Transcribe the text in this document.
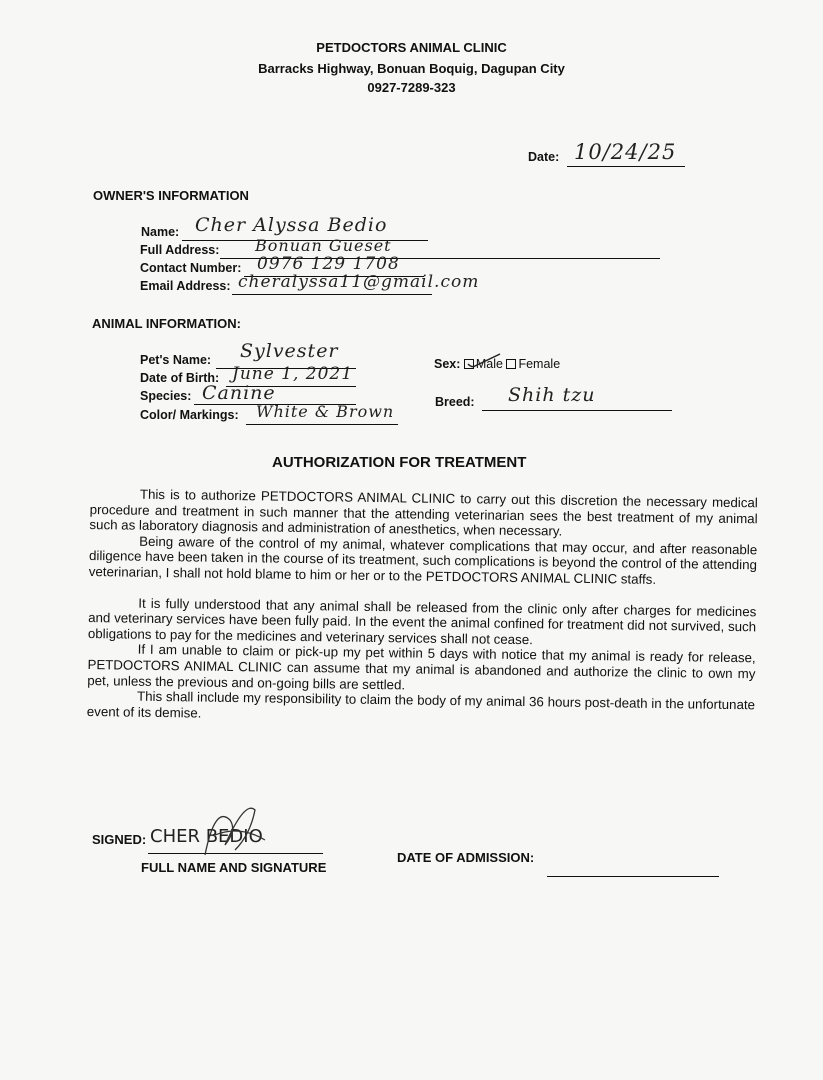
PETDOCTORS ANIMAL CLINIC
Barracks Highway, Bonuan Boquig, Dagupan City
0927-7289-323
Date: 10/24/25
OWNER'S INFORMATION
Name: Cher Alyssa Bedio
Full Address: Bonuan Gueset
Contact Number: 0976 129 1708
Email Address: cheralyssa11@gmail.com
ANIMAL INFORMATION:
Pet's Name: Sylvester
Date of Birth: June 1, 2021
Species: Canine
Color/ Markings: White & Brown
Sex: Male Female
Breed: Shih tzu
AUTHORIZATION FOR TREATMENT

This is to authorize PETDOCTORS ANIMAL CLINIC to carry out this discretion the necessary medical procedure and treatment in such manner that the attending veterinarian sees the best treatment of my animal such as laboratory diagnosis and administration of anesthetics, when necessary.

Being aware of the control of my animal, whatever complications that may occur, and after reasonable diligence have been taken in the course of its treatment, such complications is beyond the control of the attending veterinarian, I shall not hold blame to him or her or to the PETDOCTORS ANIMAL CLINIC staffs.

It is fully understood that any animal shall be released from the clinic only after charges for medicines and veterinary services have been fully paid. In the event the animal confined for treatment did not survived, such obligations to pay for the medicines and veterinary services shall not cease.

If I am unable to claim or pick-up my pet within 5 days with notice that my animal is ready for release, PETDOCTORS ANIMAL CLINIC can assume that my animal is abandoned and authorize the clinic to own my pet, unless the previous and on-going bills are settled.

This shall include my responsibility to claim the body of my animal 36 hours post-death in the unfortunate event of its demise.

SIGNED: CHER BEDIO
FULL NAME AND SIGNATURE
DATE OF ADMISSION:
